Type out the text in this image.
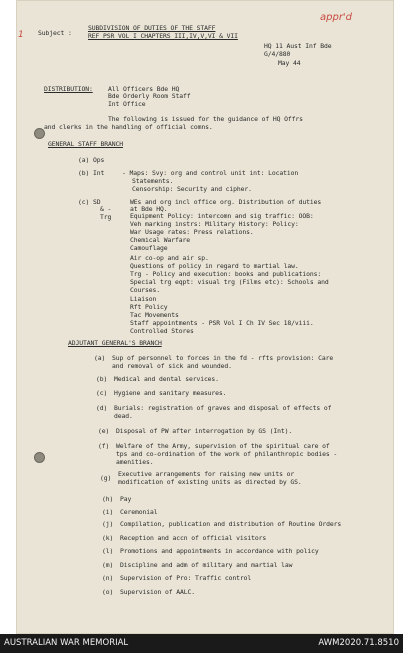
1
appr'd
Subject :
SUBDIVISION OF DUTIES OF THE STAFF
REF PSR VOL I CHAPTERS III,IV,V,VI & VII
HQ 11 Aust Inf Bde
G/4/880
May 44
DISTRIBUTION: All Officers Bde HQ
Bde Orderly Room Staff
Int Office
The following is issued for the guidance of HQ Offrs
and clerks in the handling of official comns.
GENERAL STAFF BRANCH
(a) Ops
(b) Int	- Maps: Svy: org and control unit int: Location
Statements.
Censorship: Security and cipher.
(c) SD
& -
Trg
WEs and org incl office org. Distribution of duties
at Bde HQ.
Equipment Policy: intercomn and sig traffic: OOB:
Veh marking instrs: Military History: Policy:
War Usage rates: Press relations.
Chemical Warfare
Camouflage
Air co-op and air sp.
Questions of policy in regard to martial law.
Trg - Policy and execution: books and publications:
Special trg eqpt: visual trg (Films etc): Schools and
Courses.
Liaison
Rft Policy
Tac Movements
Staff appointments - PSR Vol I Ch IV Sec 18/viii.
Controlled Stores
ADJUTANT GENERAL'S BRANCH
(a) Sup of personnel to forces in the fd - rfts provision: Care
and removal of sick and wounded.
(b) Medical and dental services.
(c) Hygiene and sanitary measures.
(d) Burials: registration of graves and disposal of effects of
dead.
(e) Disposal of PW after interrogation by GS (Int).
(f) Welfare of the Army, supervision of the spiritual care of
tps and co-ordination of the work of philanthropic bodies -
amenities.
(g) Executive arrangements for raising new units or
modification of existing units as directed by GS.
(h) Pay
(i) Ceremonial
(j) Compilation, publication and distribution of Routine Orders
(k) Reception and accn of official visitors
(l) Promotions and appointments in accordance with policy
(m) Discipline and adm of military and martial law
(n) Supervision of Pro: Traffic control
(o) Supervision of AALC.
AUSTRALIAN WAR MEMORIAL	AWM2020.71.8510
